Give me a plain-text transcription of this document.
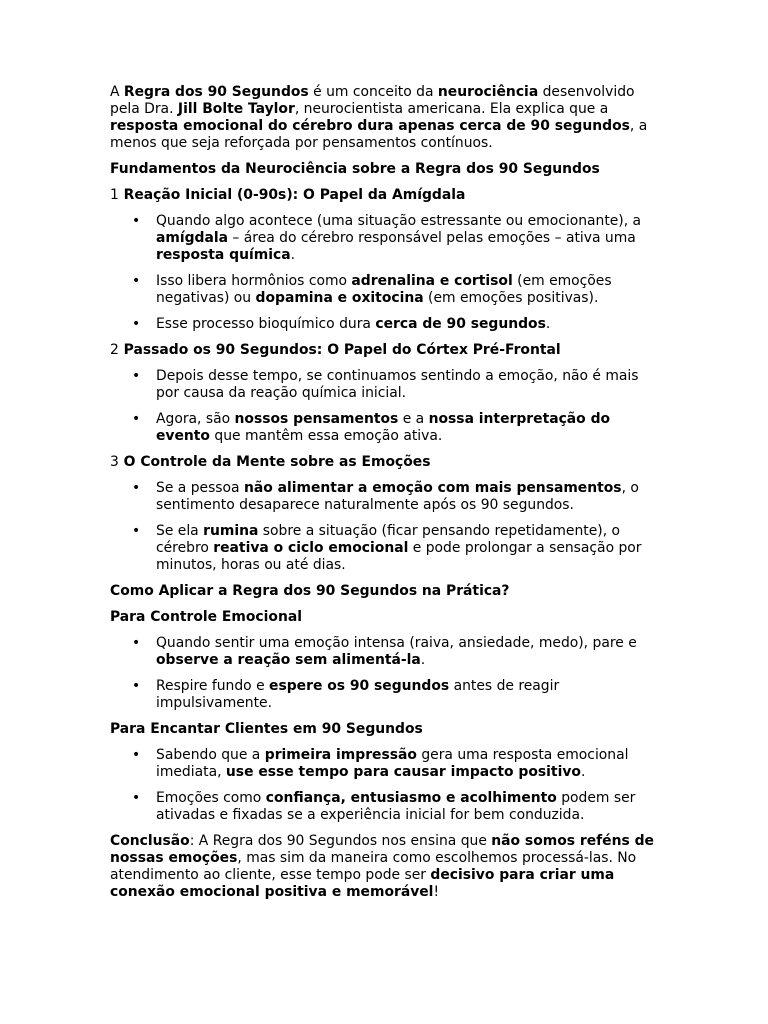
A Regra dos 90 Segundos é um conceito da neurociência desenvolvido pela Dra. Jill Bolte Taylor, neurocientista americana. Ela explica que a resposta emocional do cérebro dura apenas cerca de 90 segundos, a menos que seja reforçada por pensamentos contínuos.

Fundamentos da Neurociência sobre a Regra dos 90 Segundos

1 Reação Inicial (0-90s): O Papel da Amígdala

• Quando algo acontece (uma situação estressante ou emocionante), a amígdala – área do cérebro responsável pelas emoções – ativa uma resposta química.
• Isso libera hormônios como adrenalina e cortisol (em emoções negativas) ou dopamina e oxitocina (em emoções positivas).
• Esse processo bioquímico dura cerca de 90 segundos.

2 Passado os 90 Segundos: O Papel do Córtex Pré-Frontal

• Depois desse tempo, se continuamos sentindo a emoção, não é mais por causa da reação química inicial.
• Agora, são nossos pensamentos e a nossa interpretação do evento que mantêm essa emoção ativa.

3 O Controle da Mente sobre as Emoções

• Se a pessoa não alimentar a emoção com mais pensamentos, o sentimento desaparece naturalmente após os 90 segundos.
• Se ela rumina sobre a situação (ficar pensando repetidamente), o cérebro reativa o ciclo emocional e pode prolongar a sensação por minutos, horas ou até dias.

Como Aplicar a Regra dos 90 Segundos na Prática?

Para Controle Emocional

• Quando sentir uma emoção intensa (raiva, ansiedade, medo), pare e observe a reação sem alimentá-la.
• Respire fundo e espere os 90 segundos antes de reagir impulsivamente.

Para Encantar Clientes em 90 Segundos

• Sabendo que a primeira impressão gera uma resposta emocional imediata, use esse tempo para causar impacto positivo.
• Emoções como confiança, entusiasmo e acolhimento podem ser ativadas e fixadas se a experiência inicial for bem conduzida.

Conclusão: A Regra dos 90 Segundos nos ensina que não somos reféns de nossas emoções, mas sim da maneira como escolhemos processá-las. No atendimento ao cliente, esse tempo pode ser decisivo para criar uma conexão emocional positiva e memorável!
